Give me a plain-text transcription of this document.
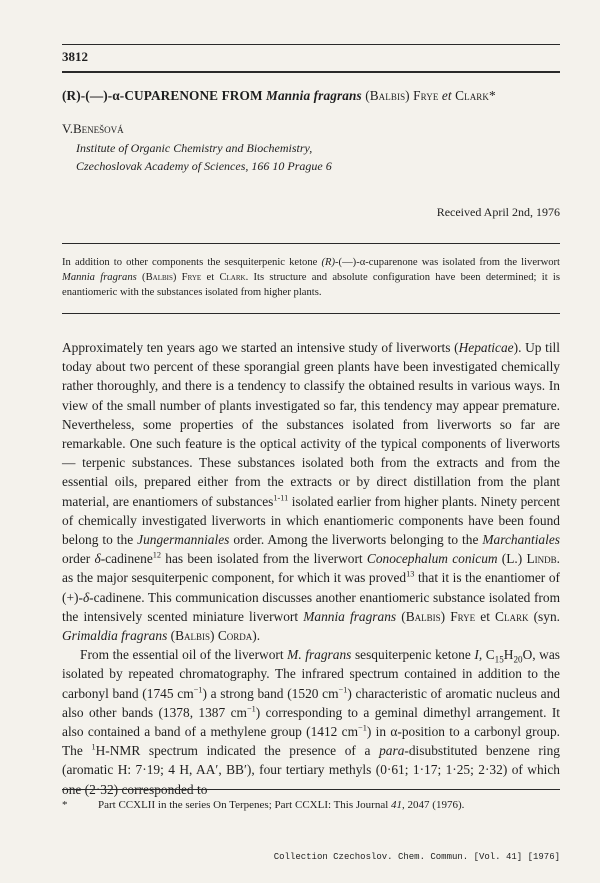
3812
(R)-(—)-α-CUPARENONE FROM Mannia fragrans (Balbis) Frye et Clark*
V.Benešová
Institute of Organic Chemistry and Biochemistry,
Czechoslovak Academy of Sciences, 166 10 Prague 6
Received April 2nd, 1976
In addition to other components the sesquiterpenic ketone (R)-(—)-α-cuparenone was isolated from the liverwort Mannia fragrans (Balbis) Frye et Clark. Its structure and absolute configuration have been determined; it is enantiomeric with the substances isolated from higher plants.

Approximately ten years ago we started an intensive study of liverworts (Hepaticae). Up till today about two percent of these sporangial green plants have been investigated chemically rather thoroughly, and there is a tendency to classify the obtained results in various ways. In view of the small number of plants investigated so far, this tendency may appear premature. Nevertheless, some properties of the substances isolated from liverworts so far are remarkable. One such feature is the optical activity of the typical components of liverworts — terpenic substances. These substances isolated both from the extracts and from the essential oils, prepared either from the extracts or by direct distillation from the plant material, are enantiomers of substances$^{1-11}$ isolated earlier from higher plants. Ninety percent of chemically investigated liverworts in which enantiomeric components have been found belong to the Jungermanniales order. Among the liverworts belonging to the Marchantiales order δ-cadinene$^{12}$ has been isolated from the liverwort Conocephalum conicum (L.) Lindb. as the major sesquiterpenic component, for which it was proved$^{13}$ that it is the enantiomer of (+)-δ-cadinene. This communication discusses another enantiomeric substance isolated from the intensively scented miniature liverwort Mannia fragrans (Balbis) Frye et Clark (syn. Grimaldia fragrans (Balbis) Corda).

From the essential oil of the liverwort M. fragrans sesquiterpenic ketone I, $C_{15}H_{20}O$, was isolated by repeated chromatography. The infrared spectrum contained in addition to the carbonyl band (1745 $cm^{-1}$) a strong band (1520 $cm^{-1}$) characteristic of aromatic nucleus and also other bands (1378, 1387 $cm^{-1}$) corresponding to a geminal dimethyl arrangement. It also contained a band of a methylene group (1412 $cm^{-1}$) in α-position to a carbonyl group. The $^1$H-NMR spectrum indicated the presence of a para-disubstituted benzene ring (aromatic H: 7·19; 4 H, AA′, BB′), four tertiary methyls (0·61; 1·17; 1·25; 2·32) of which one (2·32) corresponded to

*	Part CCXLII in the series On Terpenes; Part CCXLI: This Journal 41, 2047 (1976).
Collection Czechoslov. Chem. Commun. [Vol. 41] [1976]
